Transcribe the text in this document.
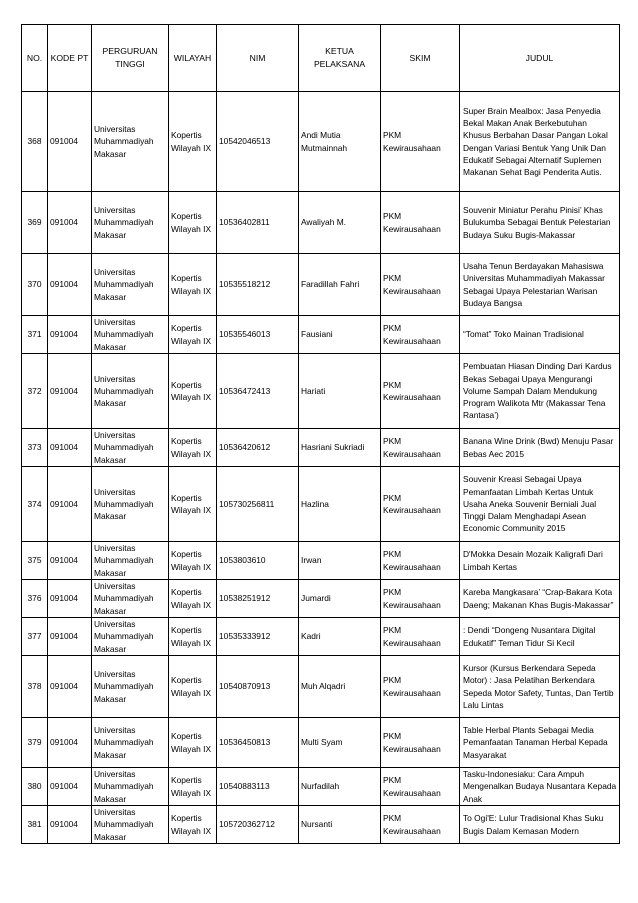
NO.	KODE PT	PERGURUAN TINGGI	WILAYAH	NIM	KETUA PELAKSANA	SKIM	JUDUL
368	091004	Universitas Muhammadiyah Makasar	Kopertis Wilayah IX	10542046513	Andi Mutia Mutmainnah	PKM Kewirausahaan	Super Brain Mealbox: Jasa Penyedia Bekal Makan Anak Berkebutuhan Khusus Berbahan Dasar Pangan Lokal Dengan Variasi Bentuk Yang Unik Dan Edukatif Sebagai Alternatif Suplemen Makanan Sehat Bagi Penderita Autis.
369	091004	Universitas Muhammadiyah Makasar	Kopertis Wilayah IX	10536402811	Awaliyah M.	PKM Kewirausahaan	Souvenir Miniatur Perahu Pinisi’ Khas Bulukumba Sebagai Bentuk Pelestarian Budaya Suku Bugis-Makassar
370	091004	Universitas Muhammadiyah Makasar	Kopertis Wilayah IX	10535518212	Faradillah Fahri	PKM Kewirausahaan	Usaha Tenun Berdayakan Mahasiswa Universitas Muhammadiyah Makassar Sebagai Upaya Pelestarian Warisan Budaya Bangsa
371	091004	Universitas Muhammadiyah Makasar	Kopertis Wilayah IX	10535546013	Fausiani	PKM Kewirausahaan	“Tomat” Toko Mainan Tradisional
372	091004	Universitas Muhammadiyah Makasar	Kopertis Wilayah IX	10536472413	Hariati	PKM Kewirausahaan	Pembuatan Hiasan Dinding Dari Kardus Bekas Sebagai Upaya Mengurangi Volume Sampah Dalam Mendukung Program Walikota Mtr (Makassar Tena Rantasa’)
373	091004	Universitas Muhammadiyah Makasar	Kopertis Wilayah IX	10536420612	Hasriani Sukriadi	PKM Kewirausahaan	Banana Wine Drink (Bwd) Menuju Pasar Bebas Aec 2015
374	091004	Universitas Muhammadiyah Makasar	Kopertis Wilayah IX	105730256811	Hazlina	PKM Kewirausahaan	Souvenir Kreasi Sebagai Upaya Pemanfaatan Limbah Kertas Untuk Usaha Aneka Souvenir Berniali Jual Tinggi Dalam Menghadapi Asean Economic Community 2015
375	091004	Universitas Muhammadiyah Makasar	Kopertis Wilayah IX	1053803610	Irwan	PKM Kewirausahaan	D'Mokka Desain Mozaik Kaligrafi Dari Limbah Kertas
376	091004	Universitas Muhammadiyah Makasar	Kopertis Wilayah IX	10538251912	Jumardi	PKM Kewirausahaan	Kareba Mangkasara’ “Crap-Bakara Kota Daeng; Makanan Khas Bugis-Makassar”
377	091004	Universitas Muhammadiyah Makasar	Kopertis Wilayah IX	10535333912	Kadri	PKM Kewirausahaan	: Dendi “Dongeng Nusantara Digital Edukatif” Teman Tidur Si Kecil
378	091004	Universitas Muhammadiyah Makasar	Kopertis Wilayah IX	10540870913	Muh Alqadri	PKM Kewirausahaan	Kursor (Kursus Berkendara Sepeda Motor) : Jasa Pelatihan Berkendara Sepeda Motor Safety, Tuntas, Dan Tertib Lalu Lintas
379	091004	Universitas Muhammadiyah Makasar	Kopertis Wilayah IX	10536450813	Multi Syam	PKM Kewirausahaan	Table Herbal Plants Sebagai Media Pemanfaatan Tanaman Herbal Kepada Masyarakat
380	091004	Universitas Muhammadiyah Makasar	Kopertis Wilayah IX	10540883113	Nurfadilah	PKM Kewirausahaan	Tasku-Indonesiaku: Cara Ampuh Mengenalkan Budaya Nusantara Kepada Anak
381	091004	Universitas Muhammadiyah Makasar	Kopertis Wilayah IX	105720362712	Nursanti	PKM Kewirausahaan	To Ogi'E: Lulur Tradisional Khas Suku Bugis Dalam Kemasan Modern
